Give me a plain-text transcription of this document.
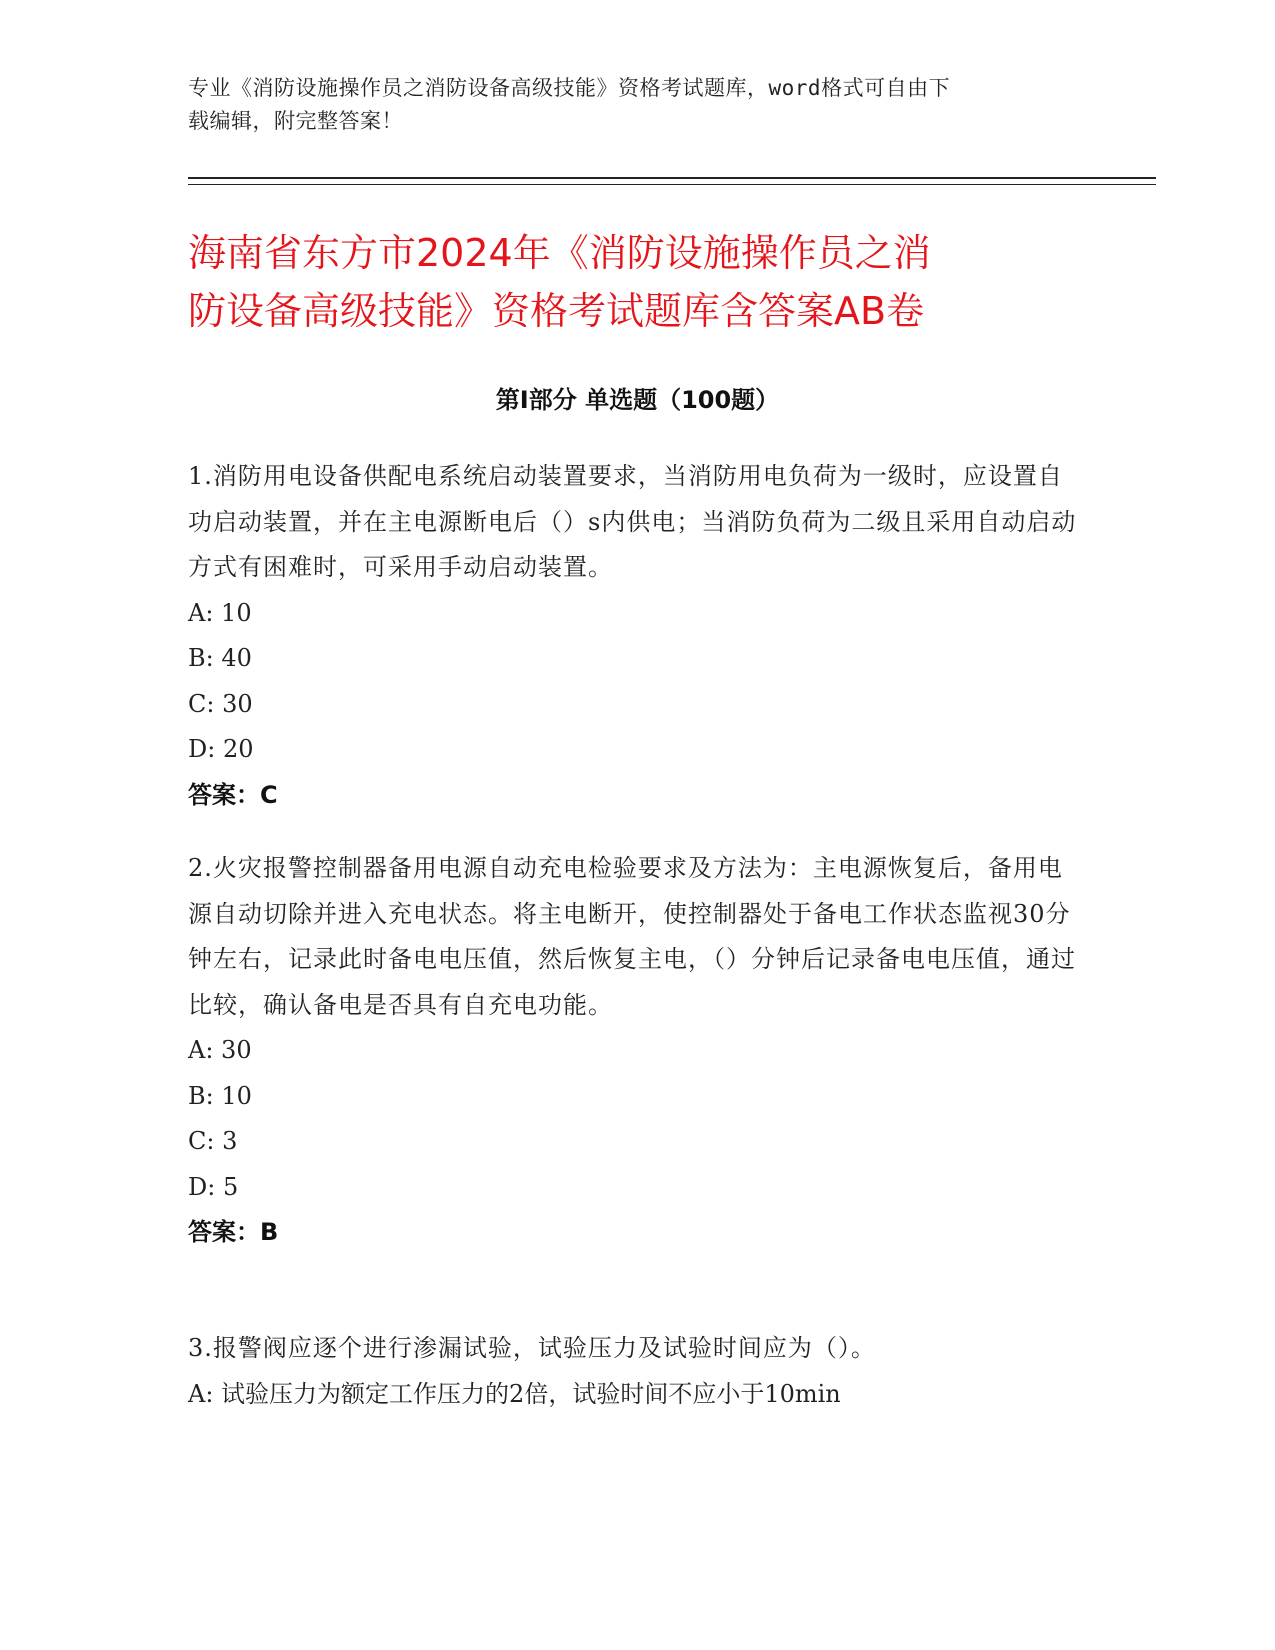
专业《消防设施操作员之消防设备高级技能》资格考试题库，word格式可自由下
载编辑，附完整答案！
海南省东方市2024年《消防设施操作员之消
防设备高级技能》资格考试题库含答案AB卷
第Ⅰ部分 单选题（100题）

1.消防用电设备供配电系统启动装置要求，当消防用电负荷为一级时，应设置自功启动装置，并在主电源断电后（）s内供电；当消防负荷为二级且采用自动启动方式有困难时，可采用手动启动装置。

A: 10

B: 40

C: 30

D: 20

答案：C

2.火灾报警控制器备用电源自动充电检验要求及方法为：主电源恢复后，备用电源自动切除并进入充电状态。将主电断开，使控制器处于备电工作状态监视30分钟左右，记录此时备电电压值，然后恢复主电，（）分钟后记录备电电压值，通过比较，确认备电是否具有自充电功能。

A: 30

B: 10

C: 3

D: 5

答案：B

3.报警阀应逐个进行渗漏试验，试验压力及试验时间应为（）。

A: 试验压力为额定工作压力的2倍，试验时间不应小于10min
